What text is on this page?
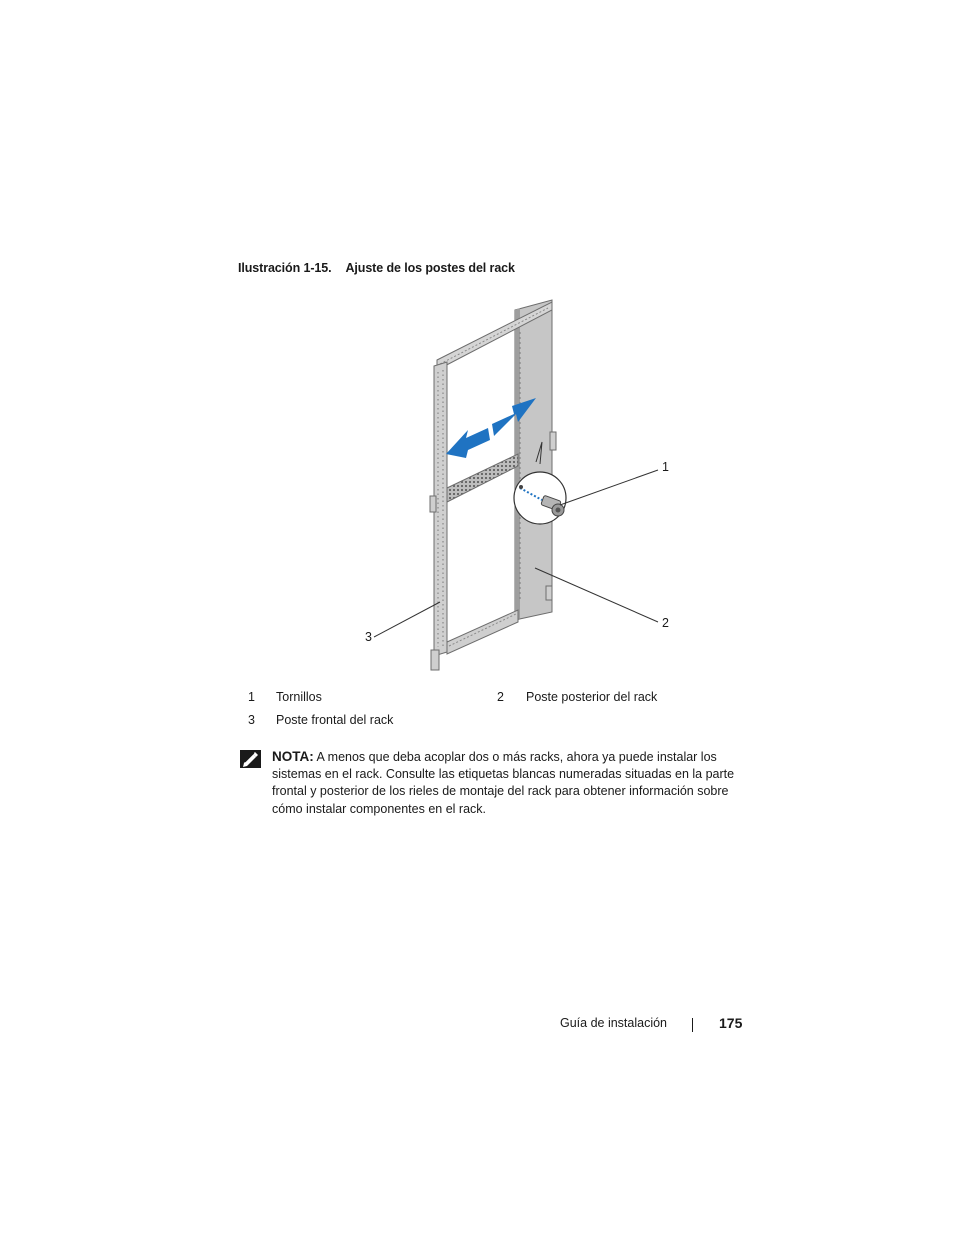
Ilustración 1-15. Ajuste de los postes del rack
1
2
3
1 Tornillos	2 Poste posterior del rack
3 Poste frontal del rack
NOTA: A menos que deba acoplar dos o más racks, ahora ya puede instalar los sistemas en el rack. Consulte las etiquetas blancas numeradas situadas en la parte frontal y posterior de los rieles de montaje del rack para obtener información sobre cómo instalar componentes en el rack.
Guía de instalación	175
